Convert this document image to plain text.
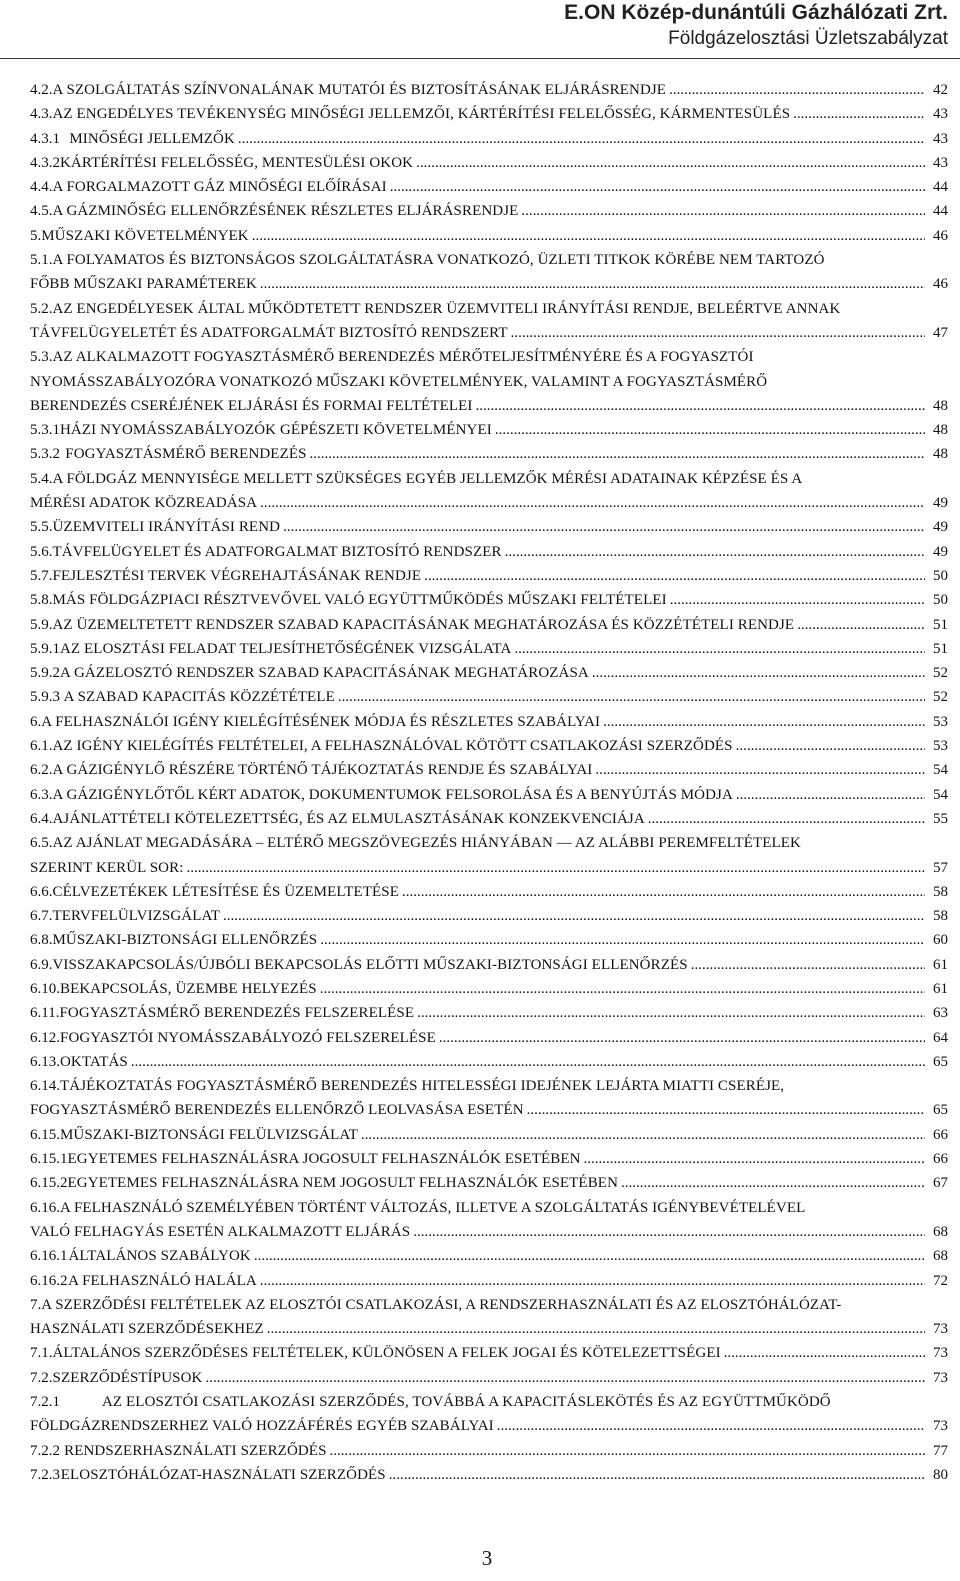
E.ON Közép-dunántúli Gázhálózati Zrt.
Földgázelosztási Üzletszabályzat
4.2. A SZOLGÁLTATÁS SZÍNVONALÁNAK MUTATÓI ÉS BIZTOSÍTÁSÁNAK ELJÁRÁSRENDJE .....	42
4.3. AZ ENGEDÉLYES TEVÉKENYSÉG MINŐSÉGI JELLEMZŐI, KÁRTÉRÍTÉSI FELELŐSSÉG, KÁRMENTESÜLÉS .....	43
4.3.1 MINŐSÉGI JELLEMZŐK .....	43
4.3.2 KÁRTÉRÍTÉSI FELELŐSSÉG, MENTESÜLÉSI OKOK .....	43
4.4. A FORGALMAZOTT GÁZ MINŐSÉGI ELŐÍRÁSAI .....	44
4.5. A GÁZMINŐSÉG ELLENŐRZÉSÉNEK RÉSZLETES ELJÁRÁSRENDJE .....	44
5. MŰSZAKI KÖVETELMÉNYEK .....	46
5.1.A FOLYAMATOS ÉS BIZTONSÁGOS SZOLGÁLTATÁSRA VONATKOZÓ, ÜZLETI TITKOK KÖRÉBE NEM TARTOZÓ
FŐBB MŰSZAKI PARAMÉTEREK .....	46
5.2.AZ ENGEDÉLYESEK ÁLTAL MŰKÖDTETETT RENDSZER ÜZEMVITELI IRÁNYÍTÁSI RENDJE, BELEÉRTVE ANNAK
TÁVFELÜGYELETÉT ÉS ADATFORGALMÁT BIZTOSÍTÓ RENDSZERT .....	47
5.3.AZ ALKALMAZOTT FOGYASZTÁSMÉRŐ BERENDEZÉS MÉRŐTELJESÍTMÉNYÉRE ÉS A FOGYASZTÓI
NYOMÁSSZABÁLYOZÓRA VONATKOZÓ MŰSZAKI KÖVETELMÉNYEK, VALAMINT A FOGYASZTÁSMÉRŐ
BERENDEZÉS CSERÉJÉNEK ELJÁRÁSI ÉS FORMAI FELTÉTELEI .....	48
5.3.1 HÁZI NYOMÁSSZABÁLYOZÓK GÉPÉSZETI KÖVETELMÉNYEI .....	48
5.3.2 FOGYASZTÁSMÉRŐ BERENDEZÉS .....	48
5.4.A FÖLDGÁZ MENNYISÉGE MELLETT SZÜKSÉGES EGYÉB JELLEMZŐK MÉRÉSI ADATAINAK KÉPZÉSE ÉS A
MÉRÉSI ADATOK KÖZREADÁSA .....	49
5.5. ÜZEMVITELI IRÁNYÍTÁSI REND .....	49
5.6. TÁVFELÜGYELET ÉS ADATFORGALMAT BIZTOSÍTÓ RENDSZER .....	49
5.7. FEJLESZTÉSI TERVEK VÉGREHAJTÁSÁNAK RENDJE .....	50
5.8. MÁS FÖLDGÁZPIACI RÉSZTVEVŐVEL VALÓ EGYÜTTMŰKÖDÉS MŰSZAKI FELTÉTELEI .....	50
5.9. AZ ÜZEMELTETETT RENDSZER SZABAD KAPACITÁSÁNAK MEGHATÁROZÁSA ÉS KÖZZÉTÉTELI RENDJE .....	51
5.9.1 AZ ELOSZTÁSI FELADAT TELJESÍTHETŐSÉGÉNEK VIZSGÁLATA .....	51
5.9.2 A GÁZELOSZTÓ RENDSZER SZABAD KAPACITÁSÁNAK MEGHATÁROZÁSA .....	52
5.9.3 A SZABAD KAPACITÁS KÖZZÉTÉTELE .....	52
6. A FELHASZNÁLÓI IGÉNY KIELÉGÍTÉSÉNEK MÓDJA ÉS RÉSZLETES SZABÁLYAI .....	53
6.1. AZ IGÉNY KIELÉGÍTÉS FELTÉTELEI, A FELHASZNÁLÓVAL KÖTÖTT CSATLAKOZÁSI SZERZŐDÉS .....	53
6.2. A GÁZIGÉNYLŐ RÉSZÉRE TÖRTÉNŐ TÁJÉKOZTATÁS RENDJE ÉS SZABÁLYAI .....	54
6.3. A GÁZIGÉNYLŐTŐL KÉRT ADATOK, DOKUMENTUMOK FELSOROLÁSA ÉS A BENYÚJTÁS MÓDJA .....	54
6.4. AJÁNLATTÉTELI KÖTELEZETTSÉG, ÉS AZ ELMULASZTÁSÁNAK KONZEKVENCIÁJA .....	55
6.5.AZ AJÁNLAT MEGADÁSÁRA – ELTÉRŐ MEGSZÖVEGEZÉS HIÁNYÁBAN — AZ ALÁBBI PEREMFELTÉTELEK
SZERINT KERÜL SOR: .....	57
6.6. CÉLVEZETÉKEK LÉTESÍTÉSE ÉS ÜZEMELTETÉSE .....	58
6.7. TERVFELÜLVIZSGÁLAT .....	58
6.8. MŰSZAKI-BIZTONSÁGI ELLENŐRZÉS .....	60
6.9. VISSZAKAPCSOLÁS/ÚJBÓLI BEKAPCSOLÁS ELŐTTI MŰSZAKI-BIZTONSÁGI ELLENŐRZÉS .....	61
6.10. BEKAPCSOLÁS, ÜZEMBE HELYEZÉS .....	61
6.11. FOGYASZTÁSMÉRŐ BERENDEZÉS FELSZERELÉSE .....	63
6.12. FOGYASZTÓI NYOMÁSSZABÁLYOZÓ FELSZERELÉSE .....	64
6.13. OKTATÁS .....	65
6.14.TÁJÉKOZTATÁS FOGYASZTÁSMÉRŐ BERENDEZÉS HITELESSÉGI IDEJÉNEK LEJÁRTA MIATTI CSERÉJE,
FOGYASZTÁSMÉRŐ BERENDEZÉS ELLENŐRZŐ LEOLVASÁSA ESETÉN .....	65
6.15. MŰSZAKI-BIZTONSÁGI FELÜLVIZSGÁLAT .....	66
6.15.1 EGYETEMES FELHASZNÁLÁSRA JOGOSULT FELHASZNÁLÓK ESETÉBEN .....	66
6.15.2 EGYETEMES FELHASZNÁLÁSRA NEM JOGOSULT FELHASZNÁLÓK ESETÉBEN .....	67
6.16.A FELHASZNÁLÓ SZEMÉLYÉBEN TÖRTÉNT VÁLTOZÁS, ILLETVE A SZOLGÁLTATÁS IGÉNYBEVÉTELÉVEL
VALÓ FELHAGYÁS ESETÉN ALKALMAZOTT ELJÁRÁS .....	68
6.16.1 ÁLTALÁNOS SZABÁLYOK .....	68
6.16.2 A FELHASZNÁLÓ HALÁLA .....	72
7.A SZERZŐDÉSI FELTÉTELEK AZ ELOSZTÓI CSATLAKOZÁSI, A RENDSZERHASZNÁLATI ÉS AZ ELOSZTÓHÁLÓZAT-
HASZNÁLATI SZERZŐDÉSEKHEZ .....	73
7.1. ÁLTALÁNOS SZERZŐDÉSES FELTÉTELEK, KÜLÖNÖSEN A FELEK JOGAI ÉS KÖTELEZETTSÉGEI .....	73
7.2. SZERZŐDÉSTÍPUSOK .....	73
7.2.1	AZ ELOSZTÓI CSATLAKOZÁSI SZERZŐDÉS, TOVÁBBÁ A KAPACITÁSLEKÖTÉS ÉS AZ EGYÜTTMŰKÖDŐ
FÖLDGÁZRENDSZERHEZ VALÓ HOZZÁFÉRÉS EGYÉB SZABÁLYAI .....	73
7.2.2 RENDSZERHASZNÁLATI SZERZŐDÉS .....	77
7.2.3 ELOSZTÓHÁLÓZAT-HASZNÁLATI SZERZŐDÉS .....	80
3
